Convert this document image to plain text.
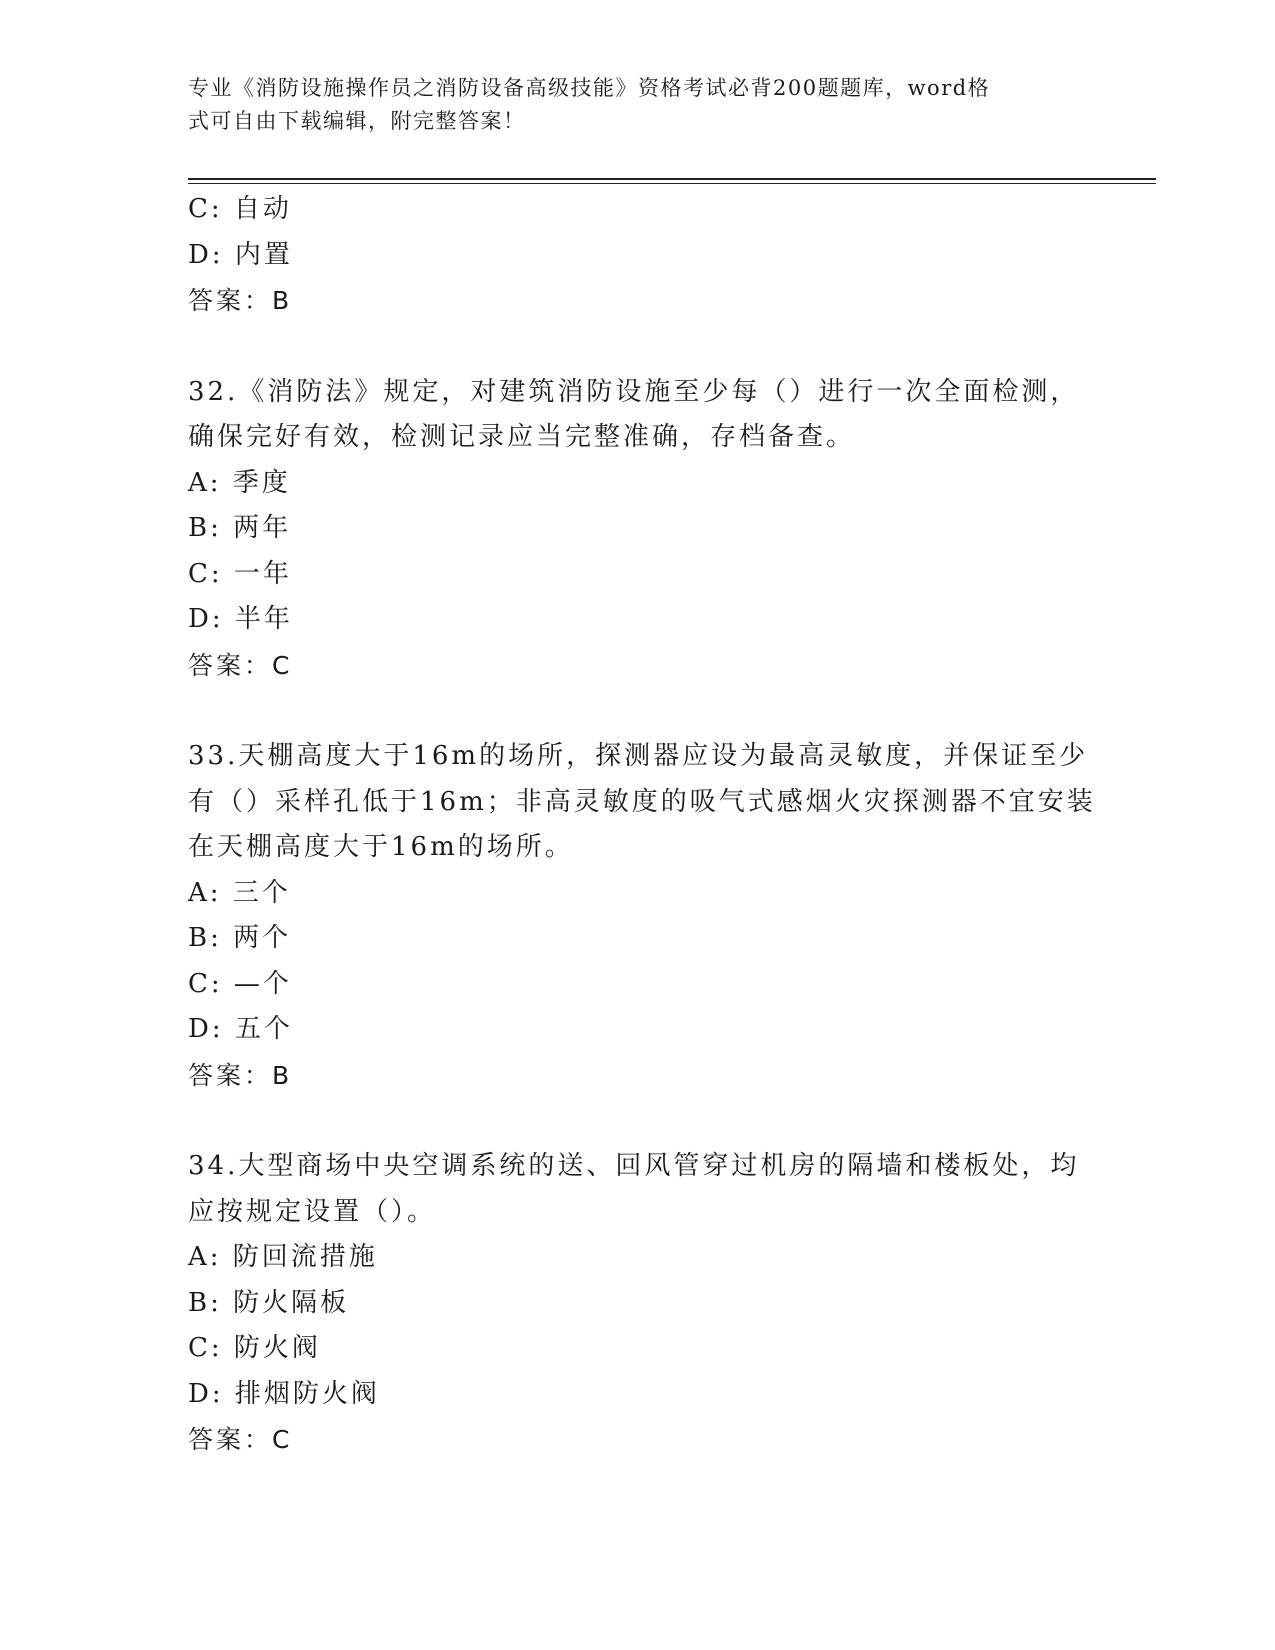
专业《消防设施操作员之消防设备高级技能》资格考试必背200题题库，word格
式可自由下载编辑，附完整答案！
C: 自动
D: 内置
答案：B
32.《消防法》规定，对建筑消防设施至少每（）进行一次全面检测，
确保完好有效，检测记录应当完整准确，存档备查。
A: 季度
B: 两年
C: 一年
D: 半年
答案：C
33.天棚高度大于16m的场所，探测器应设为最高灵敏度，并保证至少
有（）采样孔低于16m；非高灵敏度的吸气式感烟火灾探测器不宜安装
在天棚高度大于16m的场所。
A: 三个
B: 两个
C: —个
D: 五个
答案：B
34.大型商场中央空调系统的送、回风管穿过机房的隔墙和楼板处，均
应按规定设置（）。
A: 防回流措施
B: 防火隔板
C: 防火阀
D: 排烟防火阀
答案：C
